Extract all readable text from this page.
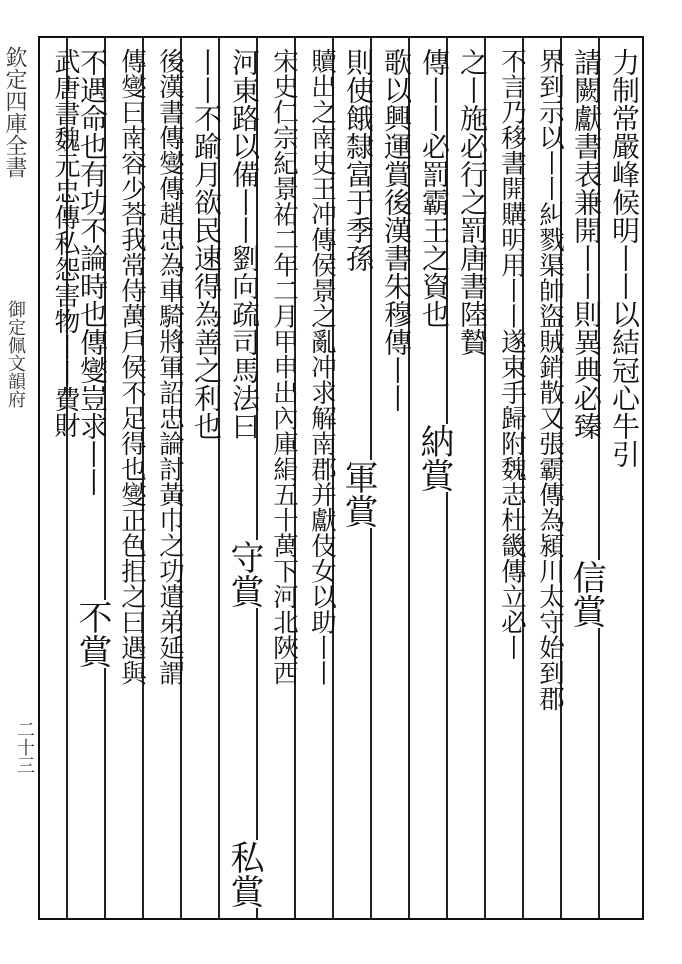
欽定四庫全書
御定佩文韻府
二十三
力制常嚴峰候明丨丨以結冠心牛引
請闕獻書表兼開丨丨則異典必臻
界到示以丨丨糾戮渠帥盜賊銷散又張霸傳為潁川太守始到郡
不言乃移書開購明用丨丨遂束手歸附魏志杜畿傳立必丨
之丨施必行之罰唐書陸贄
傳丨丨必罰霸王之資也
歌以興運賞後漢書朱穆傳丨丨
則使餓隸富于季孫
贖出之南史王冲傳侯景之亂冲求解南郡并獻伎女以助丨丨
宋史仁宗紀景祐二年二月甲申出內庫絹五十萬下河北陜西
河東路以備丨丨劉向疏司馬法曰
丨丨不踰月欲民速得為善之利也
後漢書傳燮傳趙忠為車騎將軍詔忠論討黃巾之功遣弟延謂
傳燮曰南容少荅我常侍萬戶侯不足得也燮正色拒之曰遇與
不遇命也有功不論時也傳燮豈求丨丨
武唐書魏元忠傳私怨害物丨丨費財
信賞
納賞
軍賞
守賞
私賞
不賞
